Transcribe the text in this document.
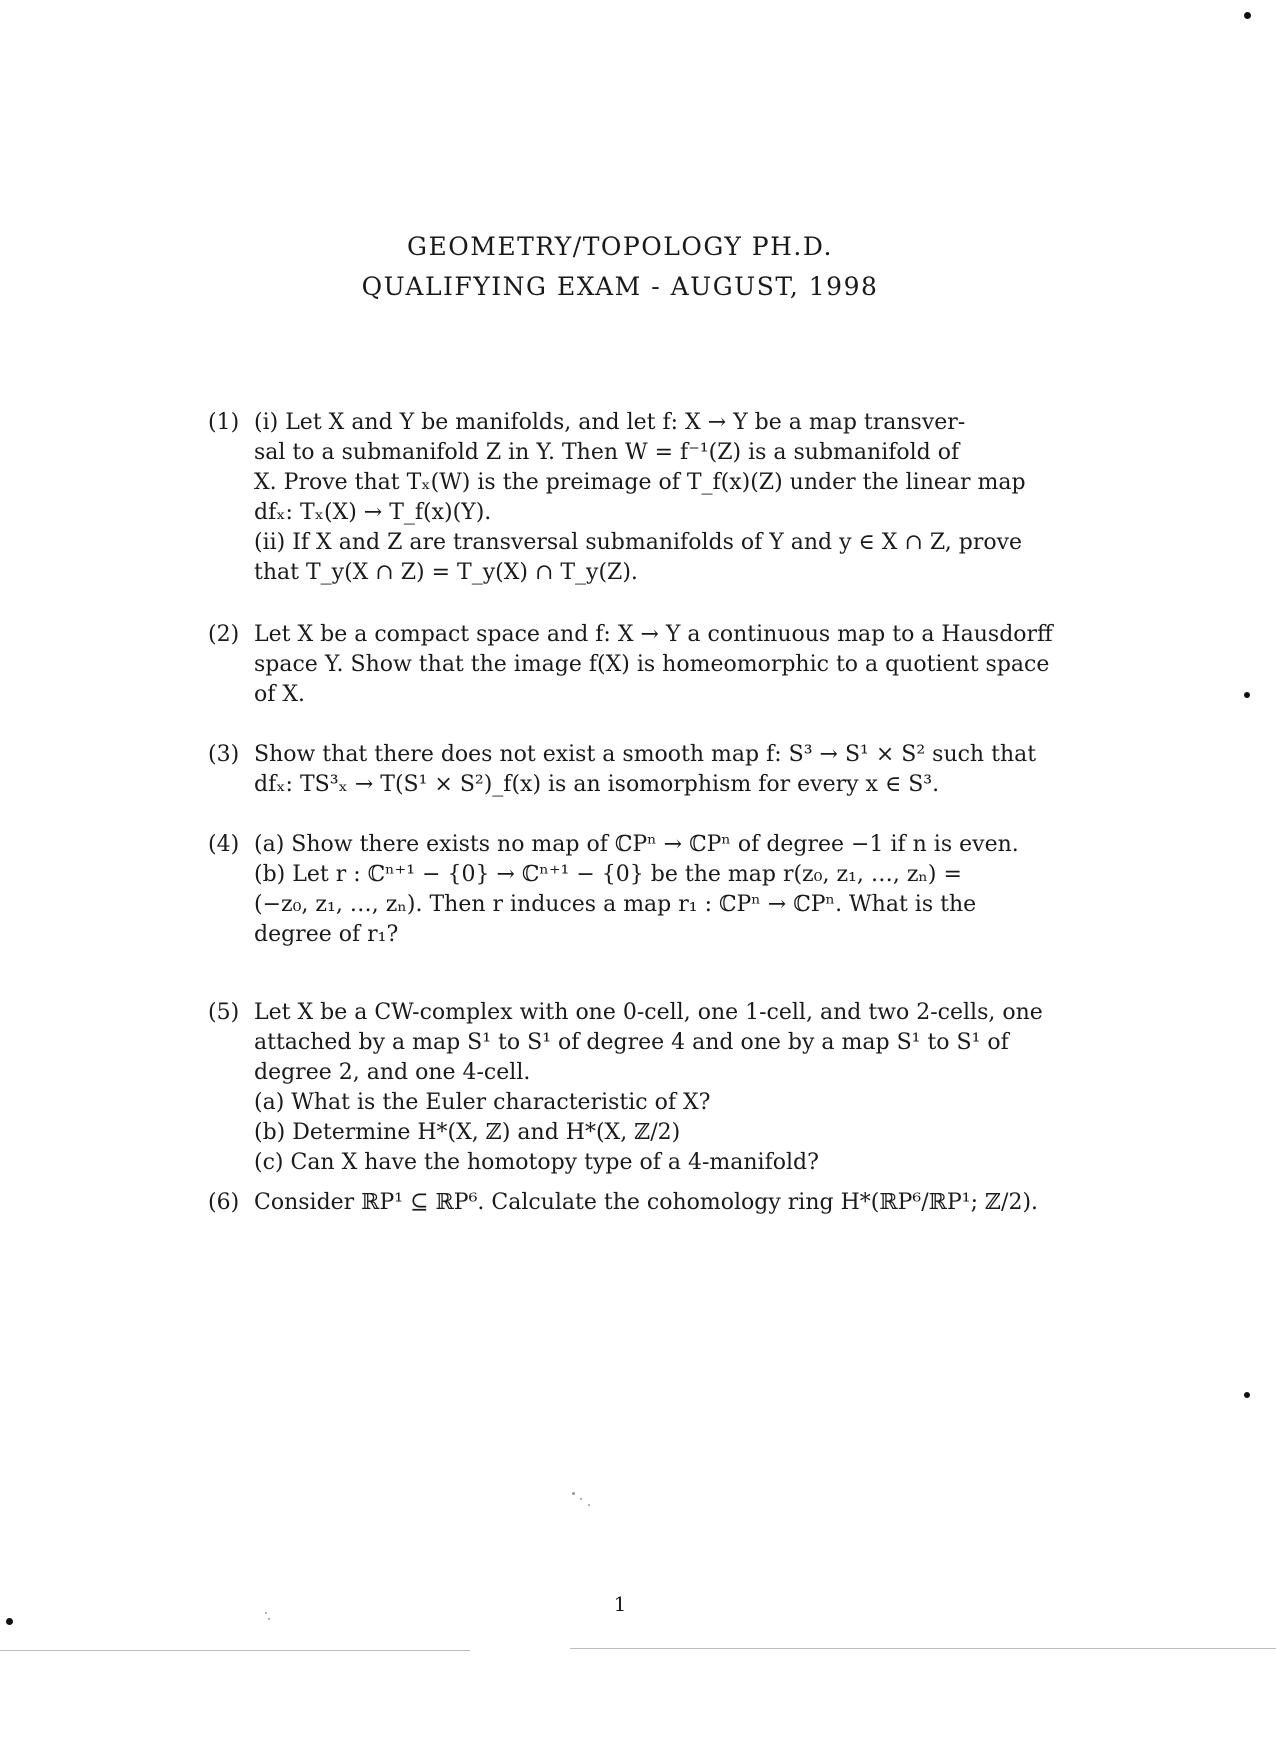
GEOMETRY/TOPOLOGY PH.D.
QUALIFYING EXAM - AUGUST, 1998
(1) (i) Let X and Y be manifolds, and let f: X → Y be a map transver-
sal to a submanifold Z in Y. Then W = f⁻¹(Z) is a submanifold of
X. Prove that Tₓ(W) is the preimage of T_f(x)(Z) under the linear map
dfₓ: Tₓ(X) → T_f(x)(Y).
(ii) If X and Z are transversal submanifolds of Y and y ∈ X ∩ Z, prove
that T_y(X ∩ Z) = T_y(X) ∩ T_y(Z).
(2) Let X be a compact space and f: X → Y a continuous map to a Hausdorff
space Y. Show that the image f(X) is homeomorphic to a quotient space
of X.
(3) Show that there does not exist a smooth map f: S³ → S¹ × S² such that
dfₓ: TS³ₓ → T(S¹ × S²)_f(x) is an isomorphism for every x ∈ S³.
(4) (a) Show there exists no map of ℂPⁿ → ℂPⁿ of degree −1 if n is even.
(b) Let r : ℂⁿ⁺¹ − {0} → ℂⁿ⁺¹ − {0} be the map r(z₀, z₁, …, zₙ) =
(−z₀, z₁, …, zₙ). Then r induces a map r₁ : ℂPⁿ → ℂPⁿ. What is the
degree of r₁?
(5) Let X be a CW-complex with one 0-cell, one 1-cell, and two 2-cells, one
attached by a map S¹ to S¹ of degree 4 and one by a map S¹ to S¹ of
degree 2, and one 4-cell.
(a) What is the Euler characteristic of X?
(b) Determine H*(X, ℤ) and H*(X, ℤ/2)
(c) Can X have the homotopy type of a 4-manifold?
(6) Consider ℝP¹ ⊆ ℝP⁶. Calculate the cohomology ring H*(ℝP⁶/ℝP¹; ℤ/2).
1
